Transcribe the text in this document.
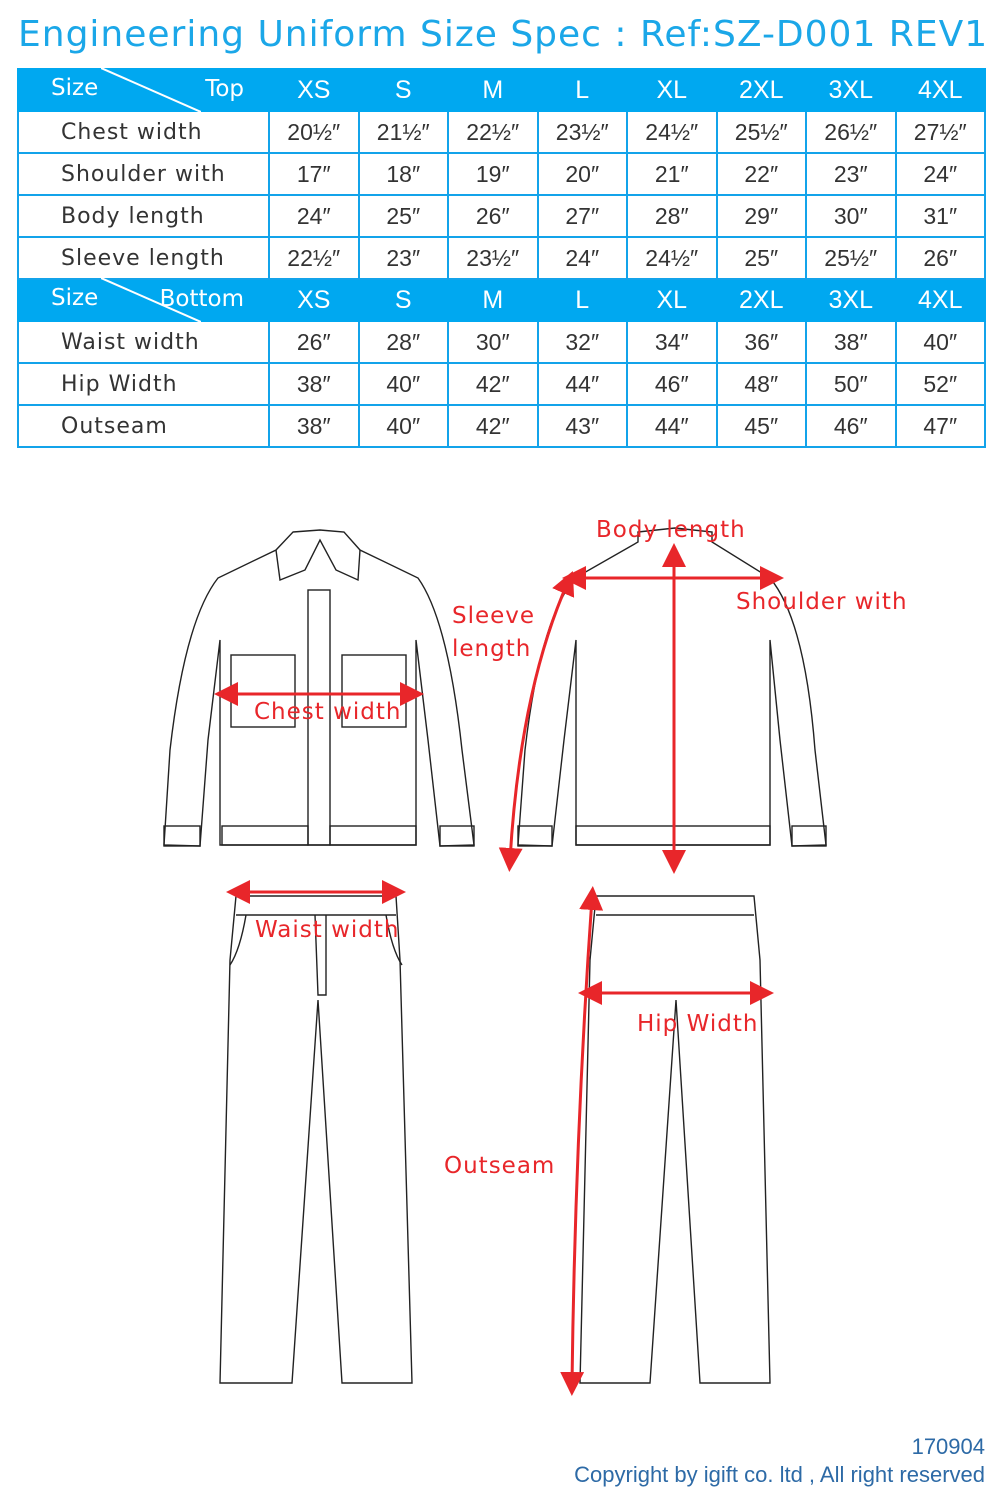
Engineering Uniform Size Spec : Ref:SZ-D001 REV1
Size Top	XS	S	M	L	XL	2XL	3XL	4XL
Chest width	20½″	21½″	22½″	23½″	24½″	25½″	26½″	27½″
Shoulder with	17″	18″	19″	20″	21″	22″	23″	24″
Body length	24″	25″	26″	27″	28″	29″	30″	31″
Sleeve length	22½″	23″	23½″	24″	24½″	25″	25½″	26″

Size Bottom	XS	S	M	L	XL	2XL	3XL	4XL
Waist width	26″	28″	30″	32″	34″	36″	38″	40″
Hip Width	38″	40″	42″	44″	46″	48″	50″	52″
Outseam	38″	40″	42″	43″	44″	45″	46″	47″
Chest width
Body length
Sleeve
length
Shoulder with
Waist width
Hip Width
Outseam
170904
Copyright by igift co. ltd , All right reserved
